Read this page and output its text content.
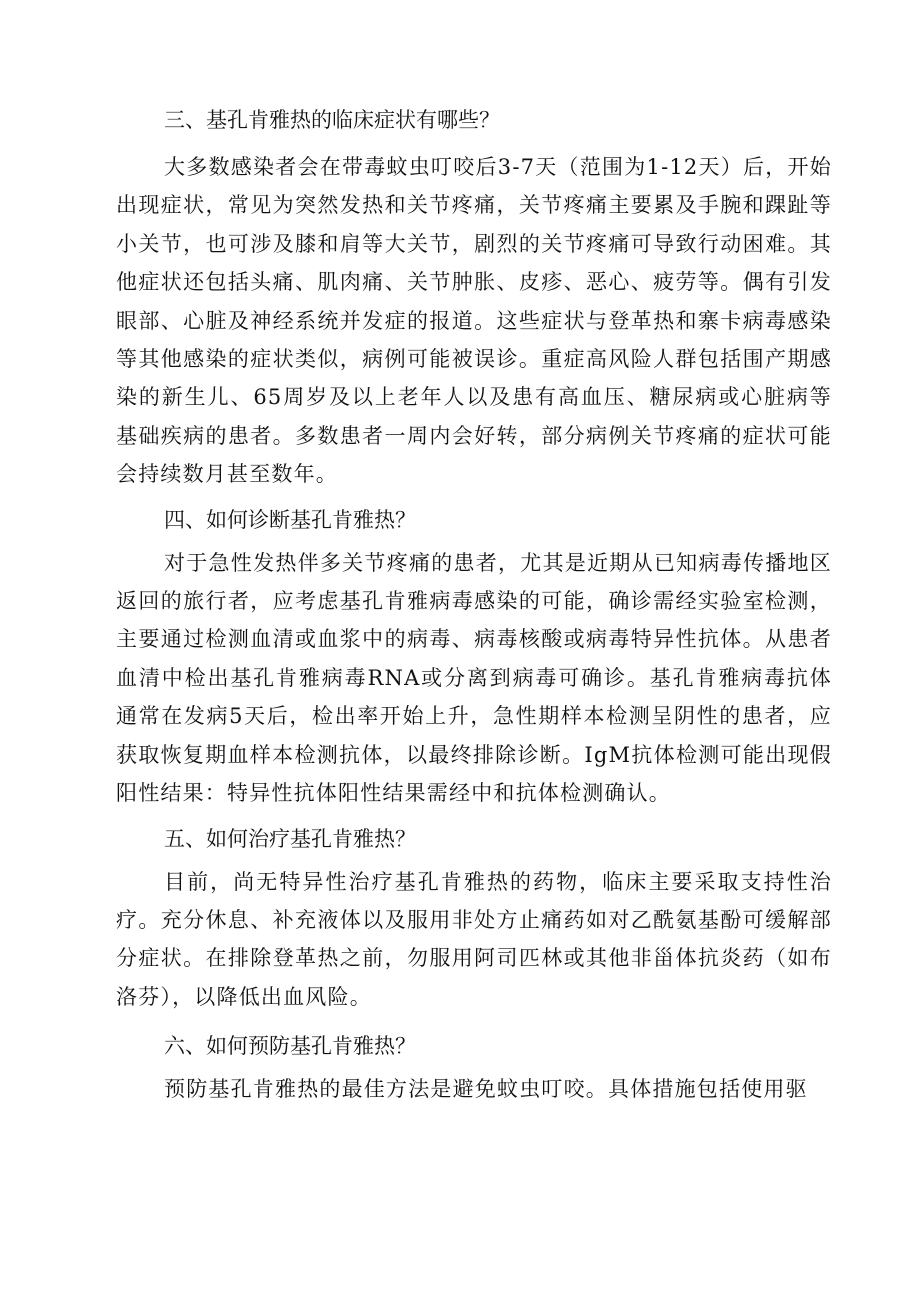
三、基孔肯雅热的临床症状有哪些？

大多数感染者会在带毒蚊虫叮咬后3-7天（范围为1-12天）后，开始出现症状，常见为突然发热和关节疼痛，关节疼痛主要累及手腕和踝趾等小关节，也可涉及膝和肩等大关节，剧烈的关节疼痛可导致行动困难。其他症状还包括头痛、肌肉痛、关节肿胀、皮疹、恶心、疲劳等。偶有引发眼部、心脏及神经系统并发症的报道。这些症状与登革热和寨卡病毒感染等其他感染的症状类似，病例可能被误诊。重症高风险人群包括围产期感染的新生儿、65周岁及以上老年人以及患有高血压、糖尿病或心脏病等基础疾病的患者。多数患者一周内会好转，部分病例关节疼痛的症状可能会持续数月甚至数年。

四、如何诊断基孔肯雅热？

对于急性发热伴多关节疼痛的患者，尤其是近期从已知病毒传播地区返回的旅行者，应考虑基孔肯雅病毒感染的可能，确诊需经实验室检测，主要通过检测血清或血浆中的病毒、病毒核酸或病毒特异性抗体。从患者血清中检出基孔肯雅病毒RNA或分离到病毒可确诊。基孔肯雅病毒抗体通常在发病5天后，检出率开始上升，急性期样本检测呈阴性的患者，应获取恢复期血样本检测抗体，以最终排除诊断。IgM抗体检测可能出现假阳性结果：特异性抗体阳性结果需经中和抗体检测确认。

五、如何治疗基孔肯雅热？

目前，尚无特异性治疗基孔肯雅热的药物，临床主要采取支持性治疗。充分休息、补充液体以及服用非处方止痛药如对乙酰氨基酚可缓解部分症状。在排除登革热之前，勿服用阿司匹林或其他非甾体抗炎药（如布洛芬），以降低出血风险。

六、如何预防基孔肯雅热？

预防基孔肯雅热的最佳方法是避免蚊虫叮咬。具体措施包括使用驱
